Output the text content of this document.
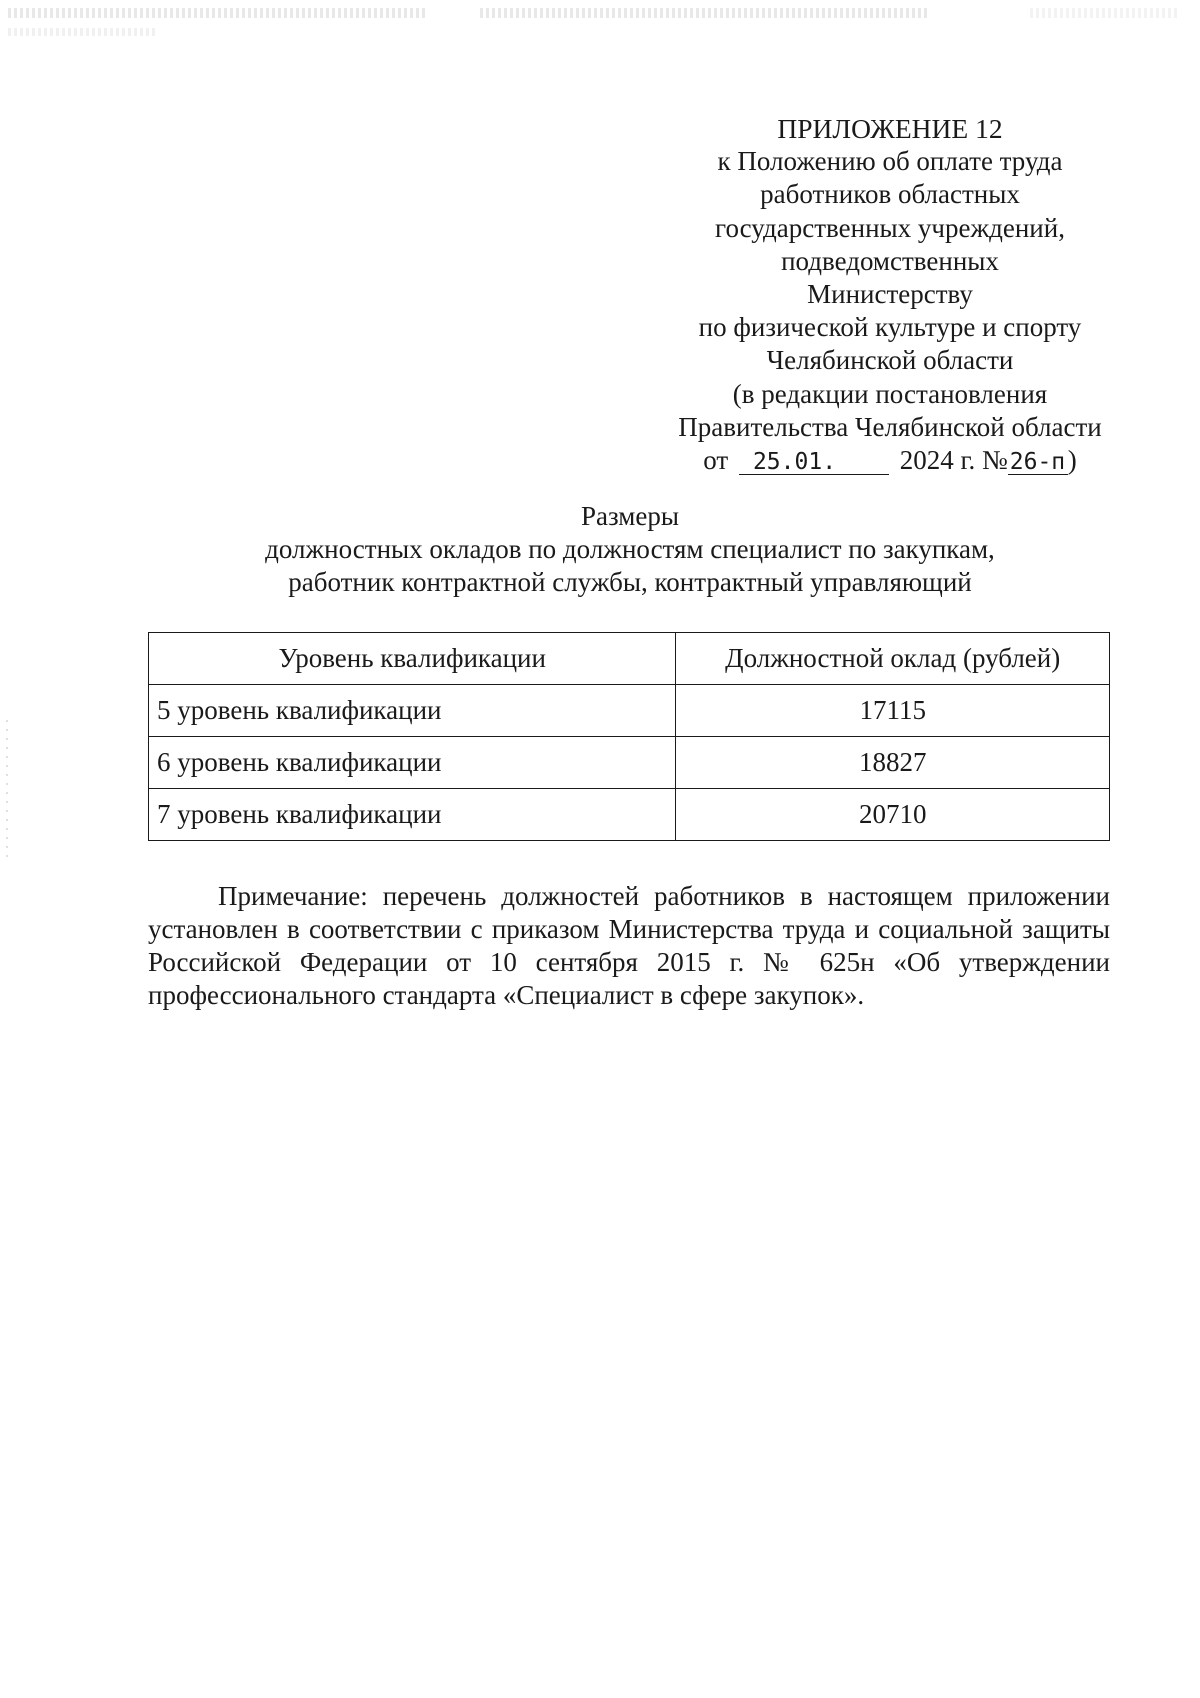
ПРИЛОЖЕНИЕ 12
к Положению об оплате труда
работников областных
государственных учреждений,
подведомственных
Министерству
по физической культуре и спорту
Челябинской области
(в редакции постановления
Правительства Челябинской области
от 25.01. 2024 г. №26-п)
Размеры
должностных окладов по должностям специалист по закупкам,
работник контрактной службы, контрактный управляющий
Уровень квалификации	Должностной оклад (рублей)
5 уровень квалификации	17115
6 уровень квалификации	18827
7 уровень квалификации	20710
Примечание: перечень должностей работников в настоящем приложении установлен в соответствии с приказом Министерства труда и социальной защиты Российской Федерации от 10 сентября 2015 г. № 625н «Об утверждении профессионального стандарта «Специалист в сфере закупок».
